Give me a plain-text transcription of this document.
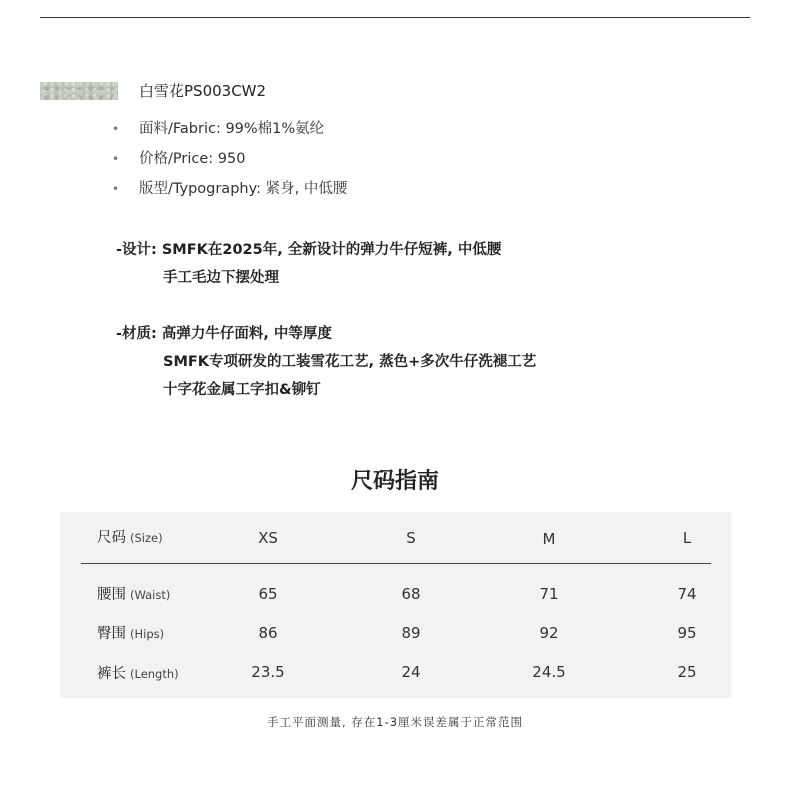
白雪花PS003CW2
• 面料/Fabric: 99%棉1%氨纶
• 价格/Price: 950
• 版型/Typography: 紧身, 中低腰
-设计: SMFK在2025年, 全新设计的弹力牛仔短裤, 中低腰
手工毛边下摆处理
-材质: 高弹力牛仔面料, 中等厚度
SMFK专项研发的工装雪花工艺, 蒸色+多次牛仔洗褪工艺
十字花金属工字扣&铆钉
尺码指南
尺码 (Size)	XS	S	M	L
腰围 (Waist)	65	68	71	74
臀围 (Hips)	86	89	92	95
裤长 (Length)	23.5	24	24.5	25
手工平面测量, 存在1-3厘米误差属于正常范围
